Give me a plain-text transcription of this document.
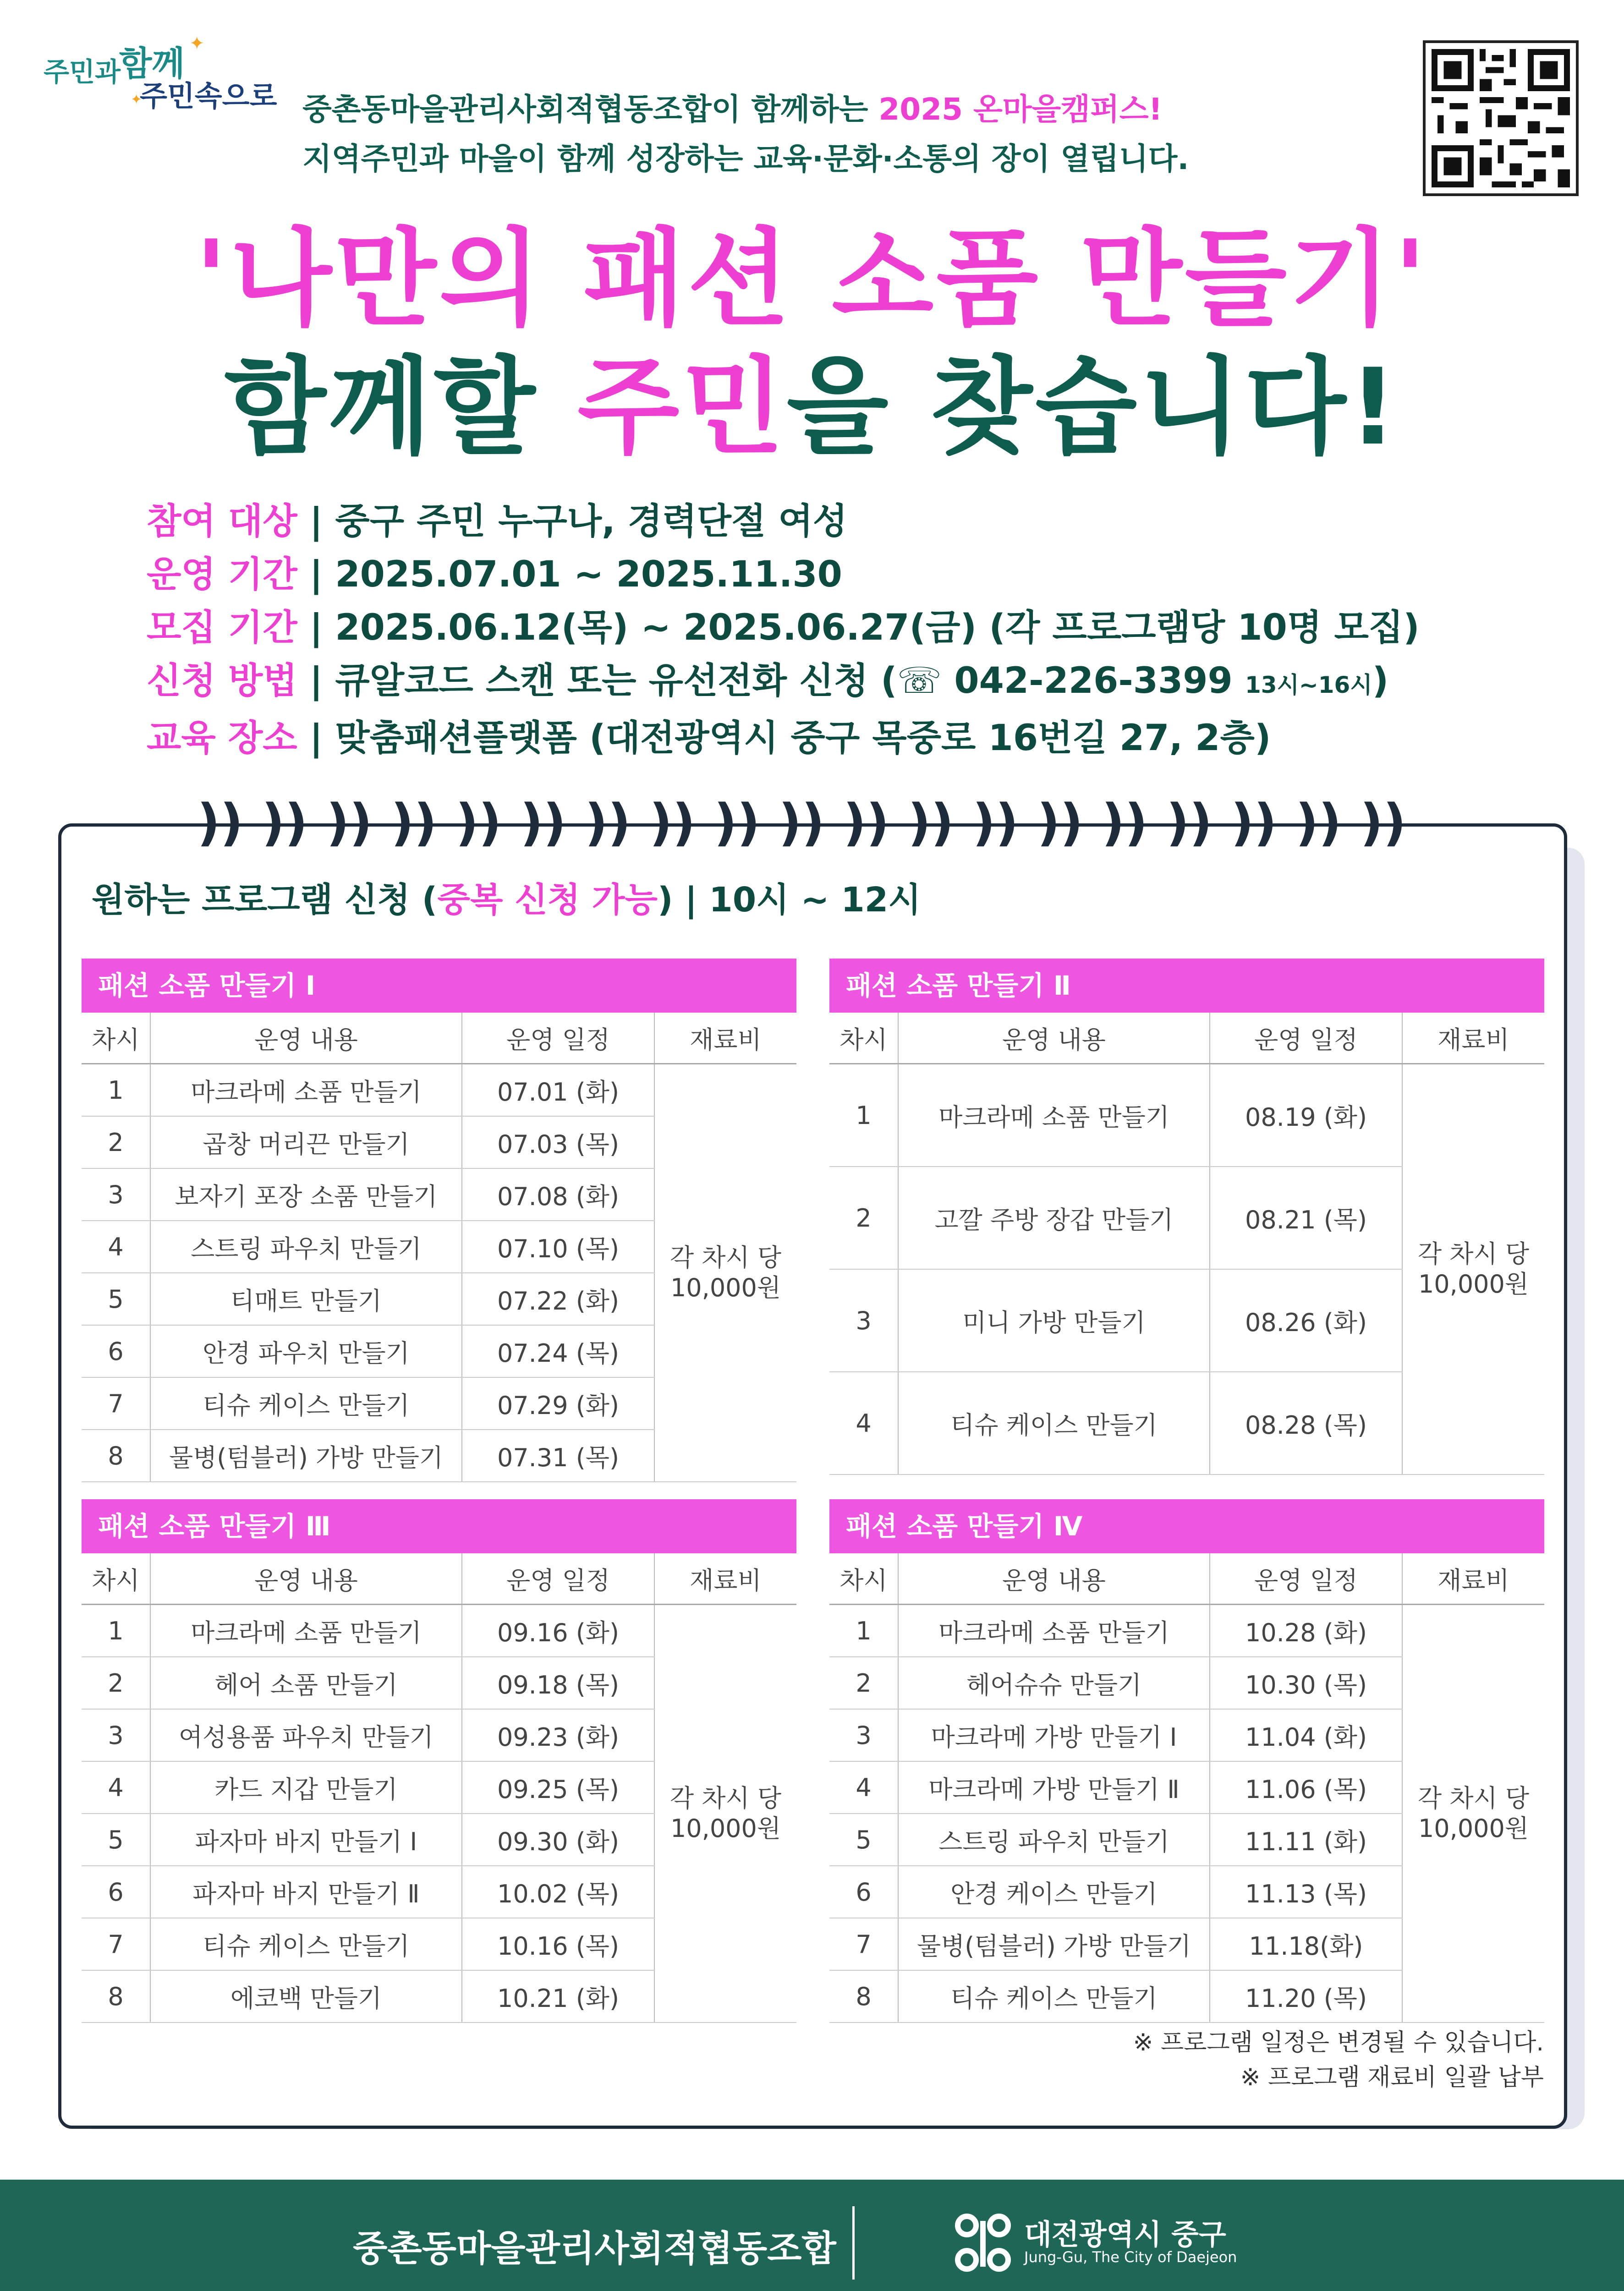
주민과
함께
✦
주민속으로
✦	중촌동마을관리사회적협동조합이 함께하는 2025 온마을캠퍼스!
지역주민과 마을이 함께 성장하는 교육·문화·소통의 장이 열립니다.
'나만의 패션 소품 만들기'
함께할 주민을 찾습니다!
참여 대상 | 중구 주민 누구나, 경력단절 여성
운영 기간 | 2025.07.01 ~ 2025.11.30
모집 기간 | 2025.06.12(목) ~ 2025.06.27(금) (각 프로그램당 10명 모집)
신청 방법 | 큐알코드 스캔 또는 유선전화 신청 (☏ 042-226-3399 13시~16시)
교육 장소 | 맞춤패션플랫폼 (대전광역시 중구 목중로 16번길 27, 2층)
)) )) )) )) )) )) )) )) )) )) )) )) )) )) )) )) )) )) ))
원하는 프로그램 신청 (중복 신청 가능) | 10시 ~ 12시
패션 소품 만들기 Ⅰ
차시	운영 내용	운영 일정	재료비
1	마크라메 소품 만들기	07.01 (화)	각 차시 당
10,000원
2	곱창 머리끈 만들기	07.03 (목)	
3	보자기 포장 소품 만들기	07.08 (화)	
4	스트링 파우치 만들기	07.10 (목)	
5	티매트 만들기	07.22 (화)	
6	안경 파우치 만들기	07.24 (목)	
7	티슈 케이스 만들기	07.29 (화)	
8	물병(텀블러) 가방 만들기	07.31 (목)	
패션 소품 만들기 Ⅱ
차시	운영 내용	운영 일정	재료비
1	마크라메 소품 만들기	08.19 (화)	각 차시 당
10,000원
2	고깔 주방 장갑 만들기	08.21 (목)	
3	미니 가방 만들기	08.26 (화)	
4	티슈 케이스 만들기	08.28 (목)	
패션 소품 만들기 Ⅲ
차시	운영 내용	운영 일정	재료비
1	마크라메 소품 만들기	09.16 (화)	각 차시 당
10,000원
2	헤어 소품 만들기	09.18 (목)	
3	여성용품 파우치 만들기	09.23 (화)	
4	카드 지갑 만들기	09.25 (목)	
5	파자마 바지 만들기 Ⅰ	09.30 (화)	
6	파자마 바지 만들기 Ⅱ	10.02 (목)	
7	티슈 케이스 만들기	10.16 (목)	
8	에코백 만들기	10.21 (화)	
패션 소품 만들기 Ⅳ
차시	운영 내용	운영 일정	재료비
1	마크라메 소품 만들기	10.28 (화)	각 차시 당
10,000원
2	헤어슈슈 만들기	10.30 (목)	
3	마크라메 가방 만들기 Ⅰ	11.04 (화)	
4	마크라메 가방 만들기 Ⅱ	11.06 (목)	
5	스트링 파우치 만들기	11.11 (화)	
6	안경 케이스 만들기	11.13 (목)	
7	물병(텀블러) 가방 만들기	11.18(화)	
8	티슈 케이스 만들기	11.20 (목)	
※ 프로그램 일정은 변경될 수 있습니다.
※ 프로그램 재료비 일괄 납부
중촌동마을관리사회적협동조합	대전광역시 중구
Jung-Gu, The City of Daejeon
